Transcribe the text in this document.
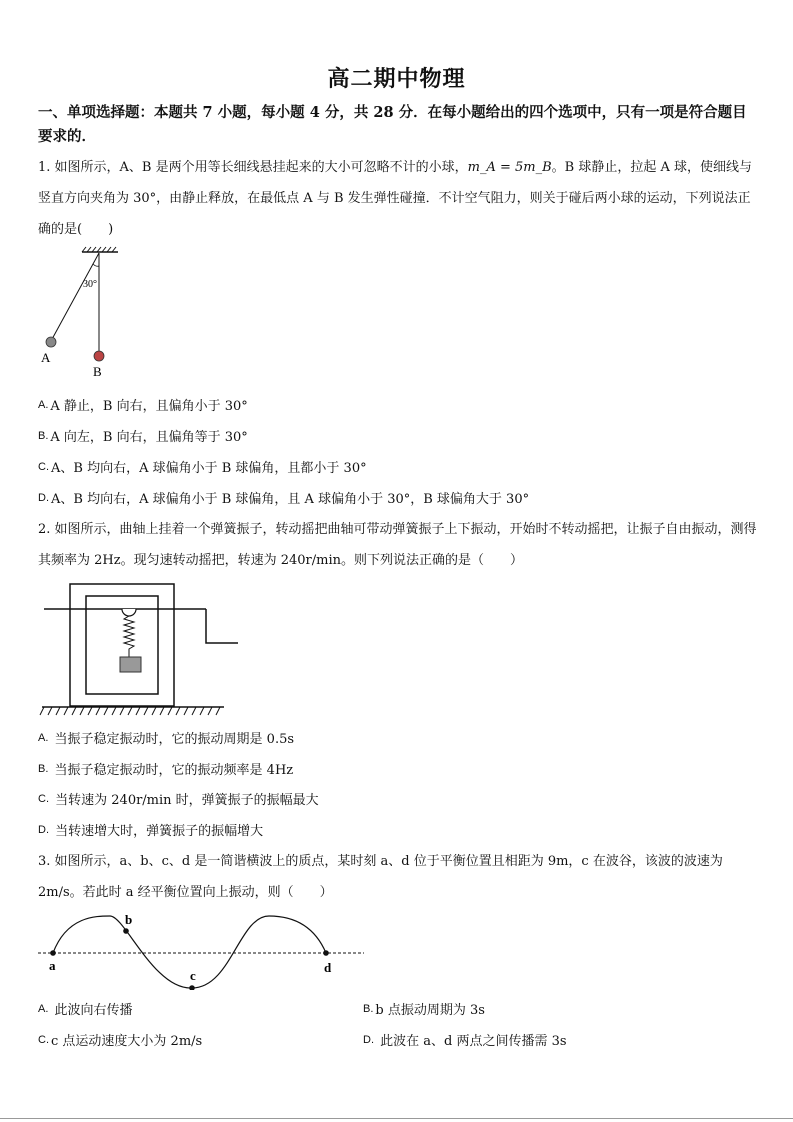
高二期中物理
一、单项选择题：本题共 7 小题，每小题 4 分，共 28 分．在每小题给出的四个选项中，只有一项是符合题目要求的．
1. 如图所示，A、B 是两个用等长细线悬挂起来的大小可忽略不计的小球，m_A = 5m_B。B 球静止，拉起 A 球，使细线与竖直方向夹角为 30°，由静止释放，在最低点 A 与 B 发生弹性碰撞．不计空气阻力，则关于碰后两小球的运动，下列说法正确的是(　　)
30°
A
B
A. A 静止，B 向右，且偏角小于 30°
B. A 向左，B 向右，且偏角等于 30°
C. A、B 均向右，A 球偏角小于 B 球偏角，且都小于 30°
D. A、B 均向右，A 球偏角小于 B 球偏角，且 A 球偏角小于 30°，B 球偏角大于 30°
2. 如图所示，曲轴上挂着一个弹簧振子，转动摇把曲轴可带动弹簧振子上下振动，开始时不转动摇把，让振子自由振动，测得其频率为 2Hz。现匀速转动摇把，转速为 240r/min。则下列说法正确的是（　　）
A. 当振子稳定振动时，它的振动周期是 0.5s
B. 当振子稳定振动时，它的振动频率是 4Hz
C. 当转速为 240r/min 时，弹簧振子的振幅最大
D. 当转速增大时，弹簧振子的振幅增大
3. 如图所示，a、b、c、d 是一简谐横波上的质点，某时刻 a、d 位于平衡位置且相距为 9m，c 在波谷，该波的波速为 2m/s。若此时 a 经平衡位置向上振动，则（　　）
a
b
c
d
A. 此波向右传播	B. b 点振动周期为 3s
C. c 点运动速度大小为 2m/s	D. 此波在 a、d 两点之间传播需 3s
